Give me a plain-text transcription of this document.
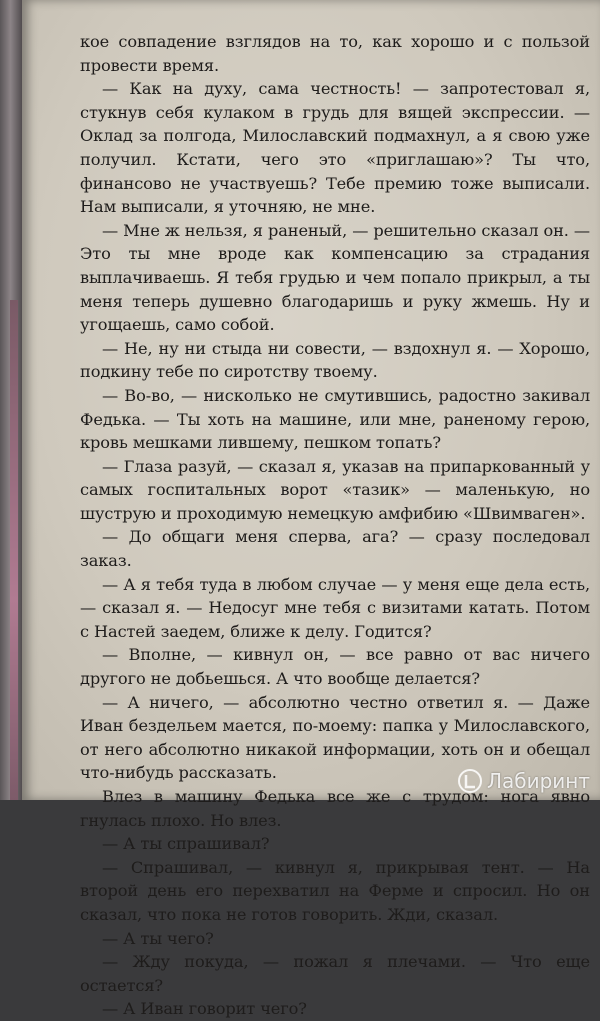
кое совпадение взглядов на то, как хорошо и с пользой провести время.

— Как на духу, сама честность! — запротестовал я, стукнув себя кулаком в грудь для вящей экспрессии. — Оклад за полгода, Милославский подмахнул, а я свою уже получил. Кстати, чего это «приглашаю»? Ты что, финансово не участвуешь? Тебе премию тоже выписали. Нам выписали, я уточняю, не мне.

— Мне ж нельзя, я раненый, — решительно сказал он. — Это ты мне вроде как компенсацию за страдания выплачиваешь. Я тебя грудью и чем попало прикрыл, а ты меня теперь душевно благодаришь и руку жмешь. Ну и угощаешь, само собой.

— Не, ну ни стыда ни совести, — вздохнул я. — Хорошо, подкину тебе по сиротству твоему.

— Во-во, — нисколько не смутившись, радостно закивал Федька. — Ты хоть на машине, или мне, раненому герою, кровь мешками лившему, пешком топать?

— Глаза разуй, — сказал я, указав на припаркованный у самых госпитальных ворот «тазик» — маленькую, но шуструю и проходимую немецкую амфибию «Швимваген».

— До общаги меня сперва, ага? — сразу последовал заказ.

— А я тебя туда в любом случае — у меня еще дела есть, — сказал я. — Недосуг мне тебя с визитами катать. Потом с Настей заедем, ближе к делу. Годится?

— Вполне, — кивнул он, — все равно от вас ничего другого не добьешься. А что вообще делается?

— А ничего, — абсолютно честно ответил я. — Даже Иван бездельем мается, по-моему: папка у Милославского, от него абсолютно никакой информации, хоть он и обещал что-нибудь рассказать.

Влез в машину Федька все же с трудом: нога явно гнулась плохо. Но влез.

— А ты спрашивал?

— Спрашивал, — кивнул я, прикрывая тент. — На второй день его перехватил на Ферме и спросил. Но он сказал, что пока не готов говорить. Жди, сказал.

— А ты чего?

— Жду покуда, — пожал я плечами. — Что еще остается?

— А Иван говорит чего?

Лабиринт
